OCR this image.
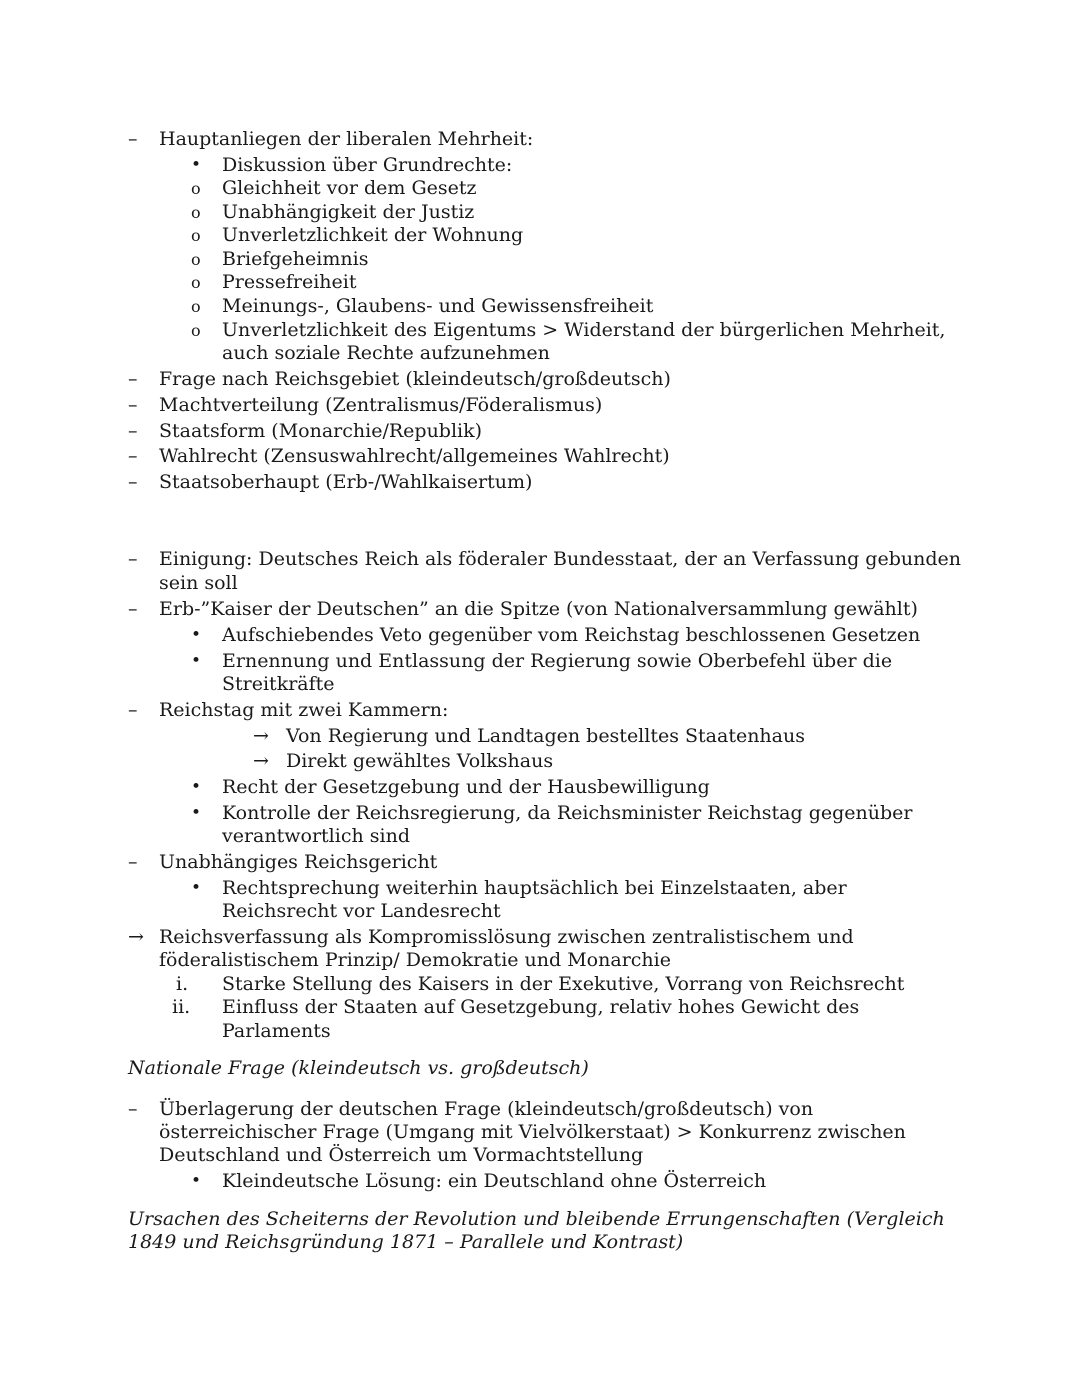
– Hauptanliegen der liberalen Mehrheit:
• Diskussion über Grundrechte:
o Gleichheit vor dem Gesetz
o Unabhängigkeit der Justiz
o Unverletzlichkeit der Wohnung
o Briefgeheimnis
o Pressefreiheit
o Meinungs-, Glaubens- und Gewissensfreiheit
o Unverletzlichkeit des Eigentums > Widerstand der bürgerlichen Mehrheit,
auch soziale Rechte aufzunehmen
– Frage nach Reichsgebiet (kleindeutsch/großdeutsch)
– Machtverteilung (Zentralismus/Föderalismus)
– Staatsform (Monarchie/Republik)
– Wahlrecht (Zensuswahlrecht/allgemeines Wahlrecht)
– Staatsoberhaupt (Erb-/Wahlkaisertum)
– Einigung: Deutsches Reich als föderaler Bundesstaat, der an Verfassung gebunden
sein soll
– Erb-”Kaiser der Deutschen” an die Spitze (von Nationalversammlung gewählt)
• Aufschiebendes Veto gegenüber vom Reichstag beschlossenen Gesetzen
• Ernennung und Entlassung der Regierung sowie Oberbefehl über die
Streitkräfte
– Reichstag mit zwei Kammern:
→ Von Regierung und Landtagen bestelltes Staatenhaus
→ Direkt gewähltes Volkshaus
• Recht der Gesetzgebung und der Hausbewilligung
• Kontrolle der Reichsregierung, da Reichsminister Reichstag gegenüber
verantwortlich sind
– Unabhängiges Reichsgericht
• Rechtsprechung weiterhin hauptsächlich bei Einzelstaaten, aber
Reichsrecht vor Landesrecht
→ Reichsverfassung als Kompromisslösung zwischen zentralistischem und
föderalistischem Prinzip/ Demokratie und Monarchie
i. Starke Stellung des Kaisers in der Exekutive, Vorrang von Reichsrecht
ii. Einfluss der Staaten auf Gesetzgebung, relativ hohes Gewicht des
Parlaments
Nationale Frage (kleindeutsch vs. großdeutsch)
– Überlagerung der deutschen Frage (kleindeutsch/großdeutsch) von
österreichischer Frage (Umgang mit Vielvölkerstaat) > Konkurrenz zwischen
Deutschland und Österreich um Vormachtstellung
• Kleindeutsche Lösung: ein Deutschland ohne Österreich
Ursachen des Scheiterns der Revolution und bleibende Errungenschaften (Vergleich
1849 und Reichsgründung 1871 – Parallele und Kontrast)
